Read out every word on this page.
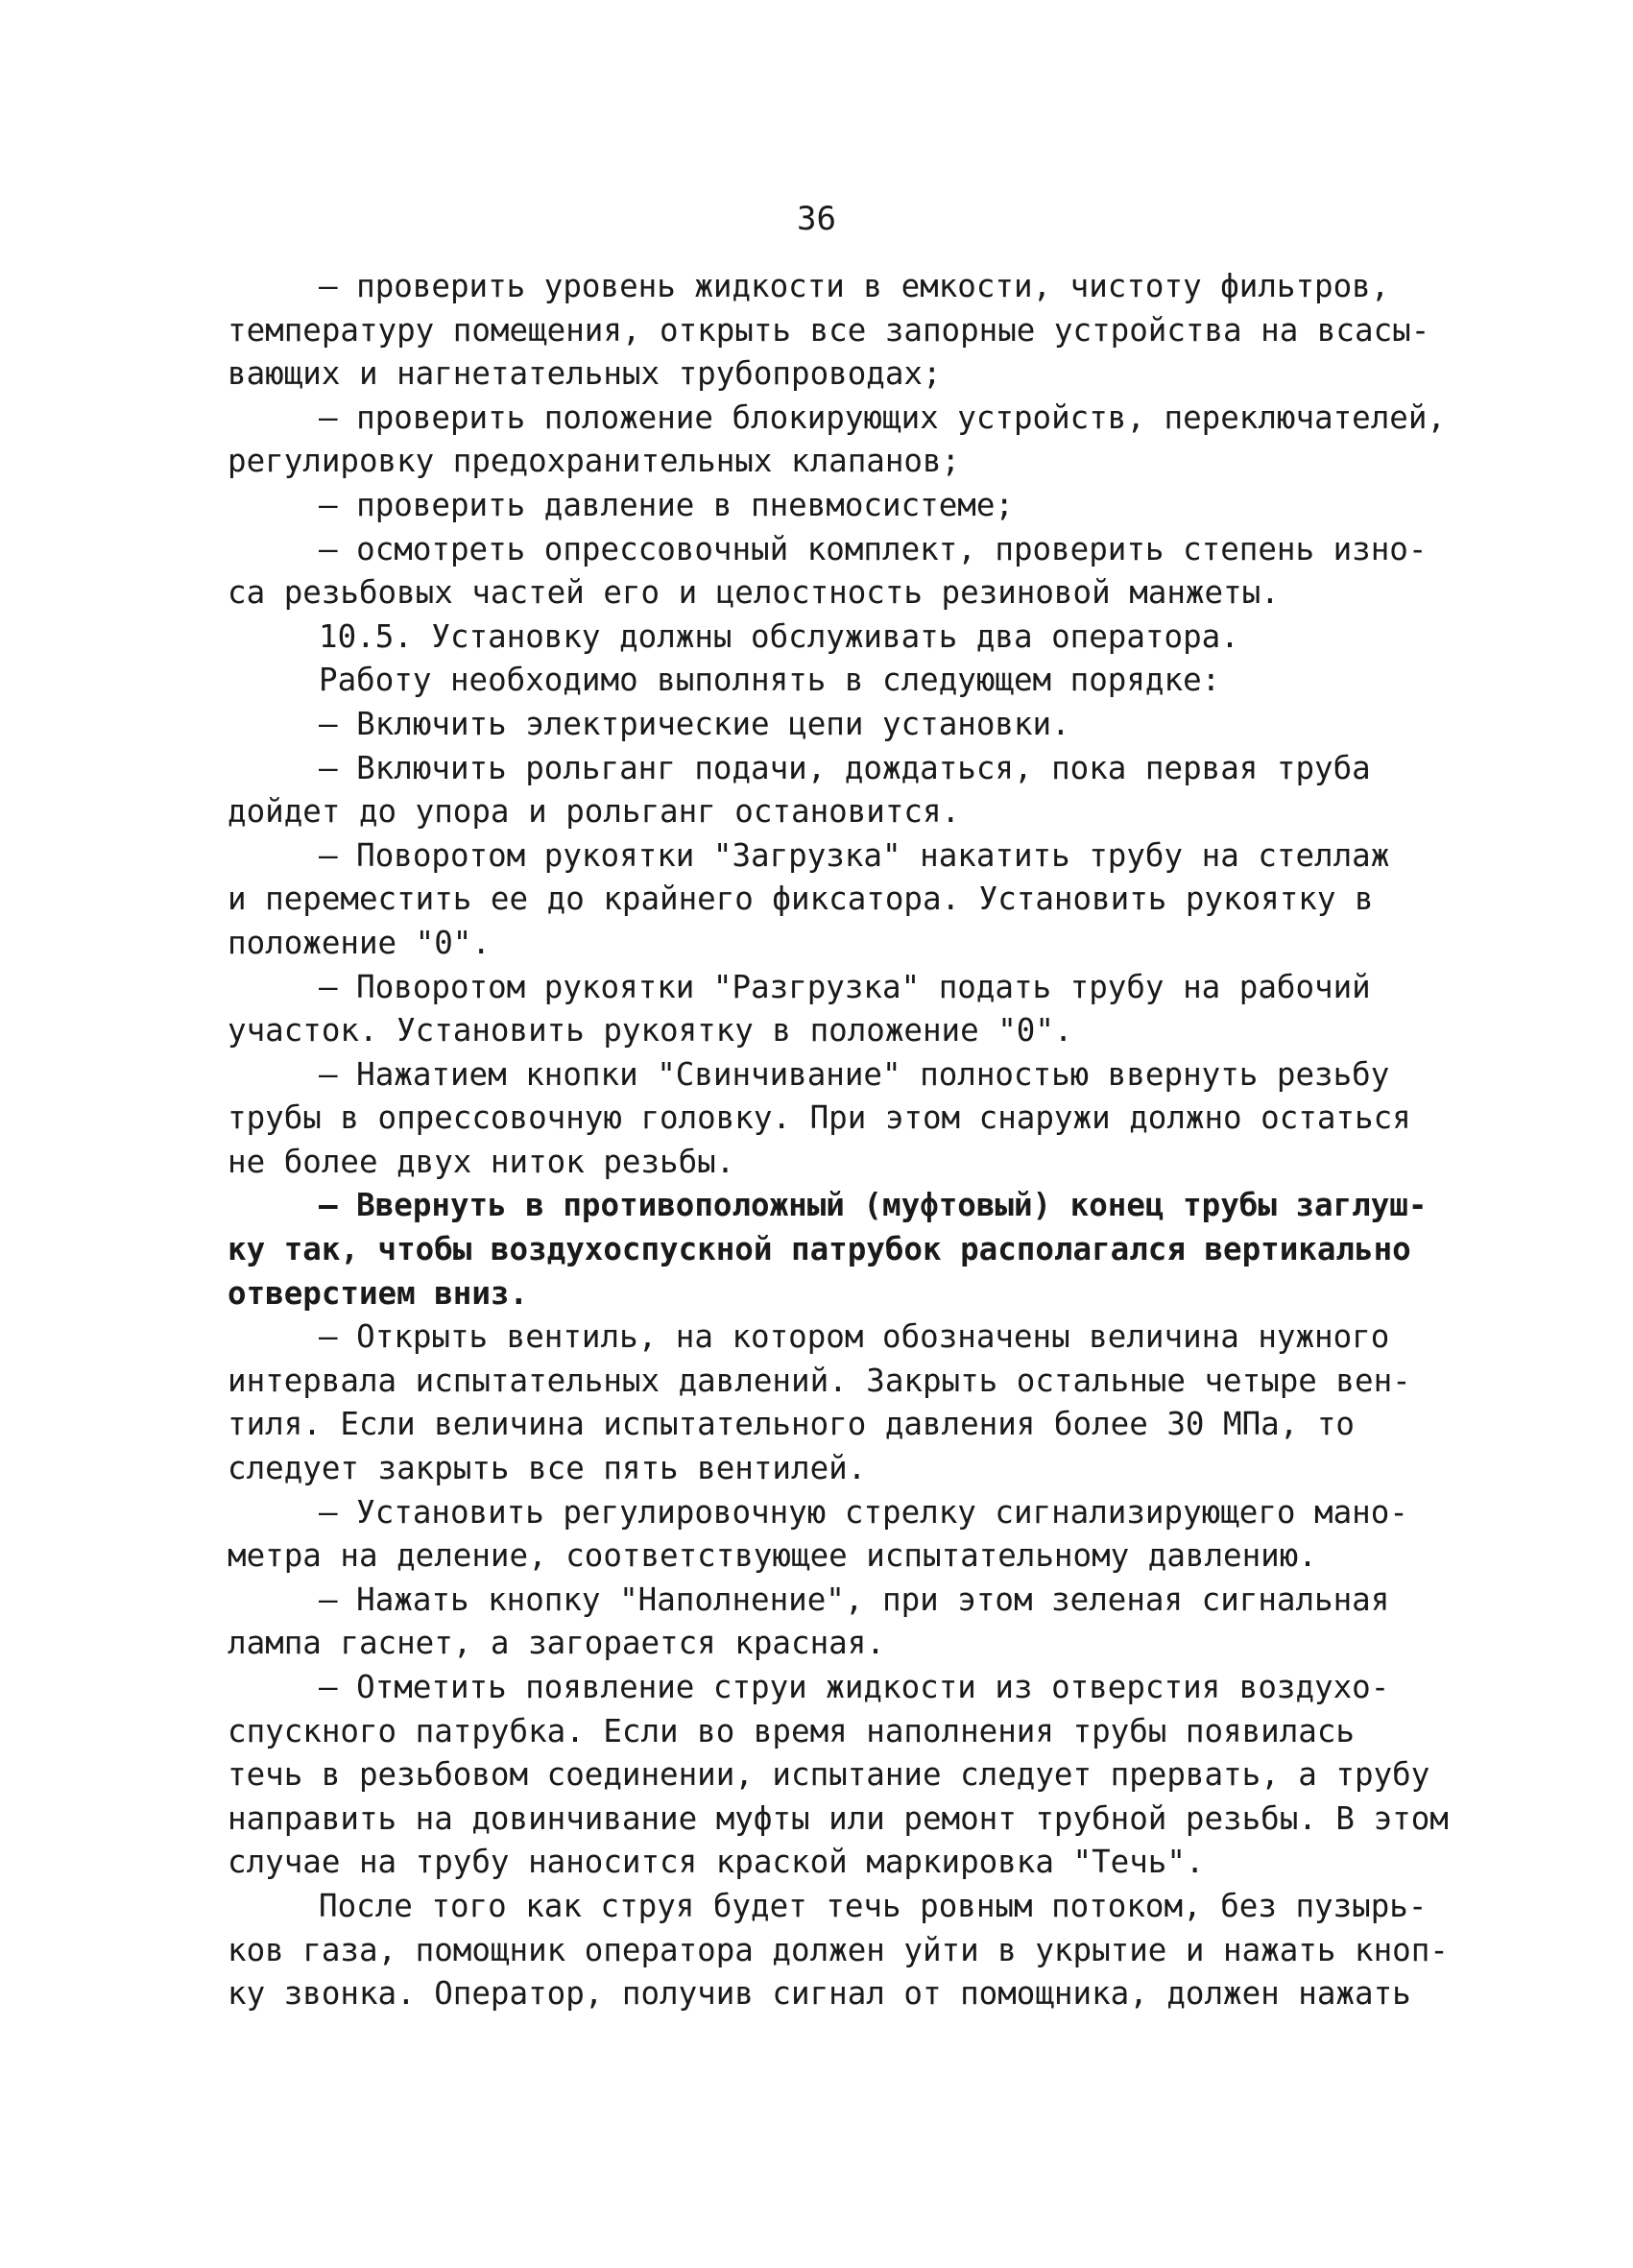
36
– проверить уровень жидкости в емкости, чистоту фильтров,
температуру помещения, открыть все запорные устройства на всасы-
вающих и нагнетательных трубопроводах;
– проверить положение блокирующих устройств, переключателей,
регулировку предохранительных клапанов;
– проверить давление в пневмосистеме;
– осмотреть опрессовочный комплект, проверить степень изно-
са резьбовых частей его и целостность резиновой манжеты.
10.5. Установку должны обслуживать два оператора.
Работу необходимо выполнять в следующем порядке:
– Включить электрические цепи установки.
– Включить рольганг подачи, дождаться, пока первая труба
дойдет до упора и рольганг остановится.
– Поворотом рукоятки "Загрузка" накатить трубу на стеллаж
и переместить ее до крайнего фиксатора. Установить рукоятку в
положение "0".
– Поворотом рукоятки "Разгрузка" подать трубу на рабочий
участок. Установить рукоятку в положение "0".
– Нажатием кнопки "Свинчивание" полностью ввернуть резьбу
трубы в опрессовочную головку. При этом снаружи должно остаться
не более двух ниток резьбы.
– Ввернуть в противоположный (муфтовый) конец трубы заглуш-
ку так, чтобы воздухоспускной патрубок располагался вертикально
отверстием вниз.
– Открыть вентиль, на котором обозначены величина нужного
интервала испытательных давлений. Закрыть остальные четыре вен-
тиля. Если величина испытательного давления более 30 МПа, то
следует закрыть все пять вентилей.
– Установить регулировочную стрелку сигнализирующего мано-
метра на деление, соответствующее испытательному давлению.
– Нажать кнопку "Наполнение", при этом зеленая сигнальная
лампа гаснет, а загорается красная.
– Отметить появление струи жидкости из отверстия воздухо-
спускного патрубка. Если во время наполнения трубы появилась
течь в резьбовом соединении, испытание следует прервать, а трубу
направить на довинчивание муфты или ремонт трубной резьбы. В этом
случае на трубу наносится краской маркировка "Течь".
После того как струя будет течь ровным потоком, без пузырь-
ков газа, помощник оператора должен уйти в укрытие и нажать кноп-
ку звонка. Оператор, получив сигнал от помощника, должен нажать
